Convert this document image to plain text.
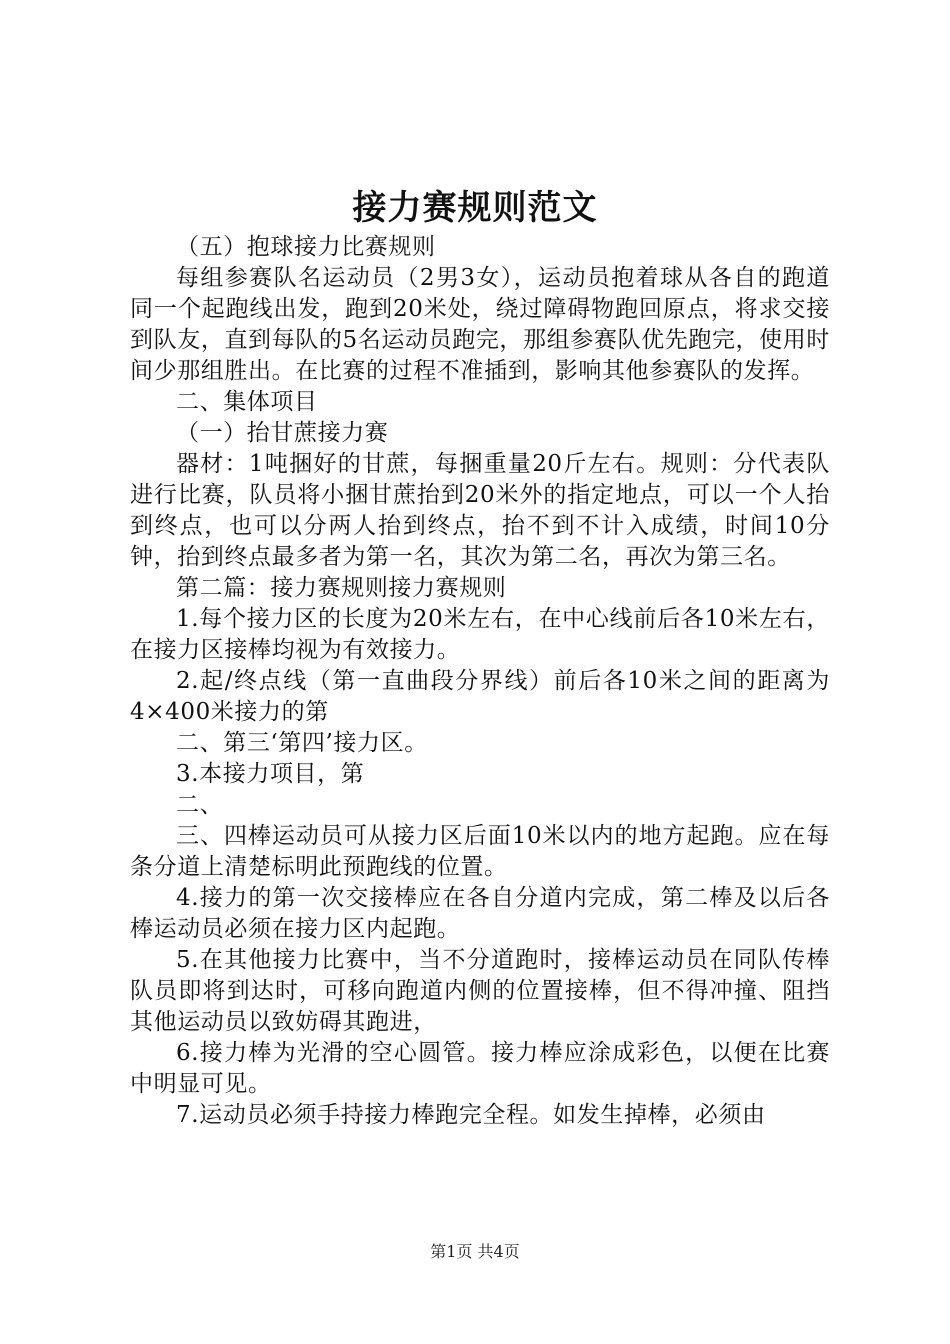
接力赛规则范文

（五）抱球接力比赛规则

每组参赛队名运动员（2男3女），运动员抱着球从各自的跑道同一个起跑线出发，跑到20米处，绕过障碍物跑回原点，将求交接到队友，直到每队的5名运动员跑完，那组参赛队优先跑完，使用时间少那组胜出。在比赛的过程不准插到，影响其他参赛队的发挥。

二、集体项目

（一）抬甘蔗接力赛

器材：1吨捆好的甘蔗，每捆重量20斤左右。规则：分代表队进行比赛，队员将小捆甘蔗抬到20米外的指定地点，可以一个人抬到终点，也可以分两人抬到终点，抬不到不计入成绩，时间10分钟，抬到终点最多者为第一名，其次为第二名，再次为第三名。

第二篇：接力赛规则接力赛规则

1.每个接力区的长度为20米左右，在中心线前后各10米左右，在接力区接棒均视为有效接力。

2.起/终点线（第一直曲段分界线）前后各10米之间的距离为4×400米接力的第

二、第三‘第四’接力区。

3.本接力项目，第

二、

三、四棒运动员可从接力区后面10米以内的地方起跑。应在每条分道上清楚标明此预跑线的位置。

4.接力的第一次交接棒应在各自分道内完成，第二棒及以后各棒运动员必须在接力区内起跑。

5.在其他接力比赛中，当不分道跑时，接棒运动员在同队传棒队员即将到达时，可移向跑道内侧的位置接棒，但不得冲撞、阻挡其他运动员以致妨碍其跑进，

6.接力棒为光滑的空心圆管。接力棒应涂成彩色，以便在比赛中明显可见。

7.运动员必须手持接力棒跑完全程。如发生掉棒，必须由

第1页 共4页
